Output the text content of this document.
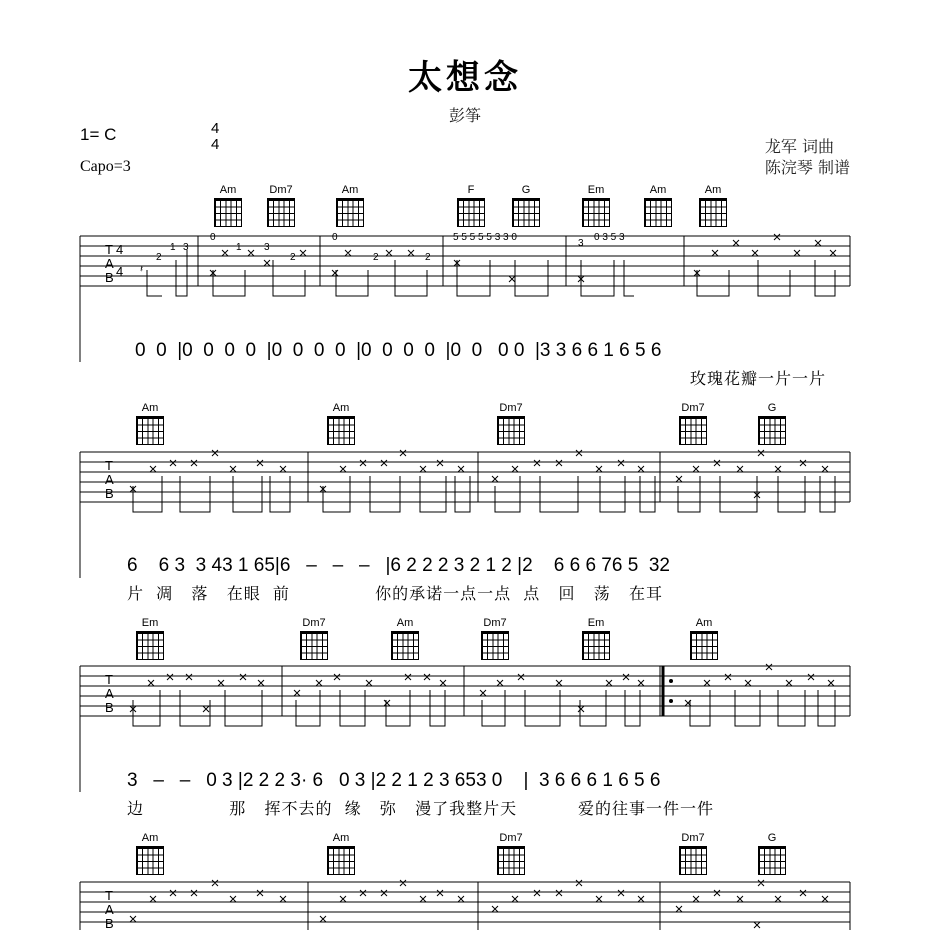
太想念
彭筝
1= C	4
4
Capo=3
龙军 词曲
陈浣琴 制谱
Am	Dm7	Am	F	G	Em	Am	Am
𝄽
2
1 3
0
1 3
2
0
2	2
5 5 5 5 5 3 3 0
3
0 3 5 3
T
A
B
4
4
0  0  |0  0  0  0  |0  0  0  0  |0  0  0  0  |0  0   0 0  |3 3 6 6 1 6 5 6
玫瑰花瓣一片一片
Am	Am	Dm7	Dm7	G
T
A
B
6    6 3  3 43 1 65|6   –   –   –   |6 2 2 2 3 2 1 2 |2    6 6 6 76 5  32
片  凋   落   在眼  前              你的承诺一点一点  点   回   荡   在耳
Em	Dm7	Am	Dm7	Em	Am
T
A
B
3   –   –   0 3 |2 2 2 3· 6   0 3 |2 2 1 2 3 653 0    |  3 6 6 6 1 6 5 6
边              那   挥不去的  缘   弥   漫了我整片天          爱的往事一件一件
Am	Am	Dm7	Dm7	G
T
A
B
